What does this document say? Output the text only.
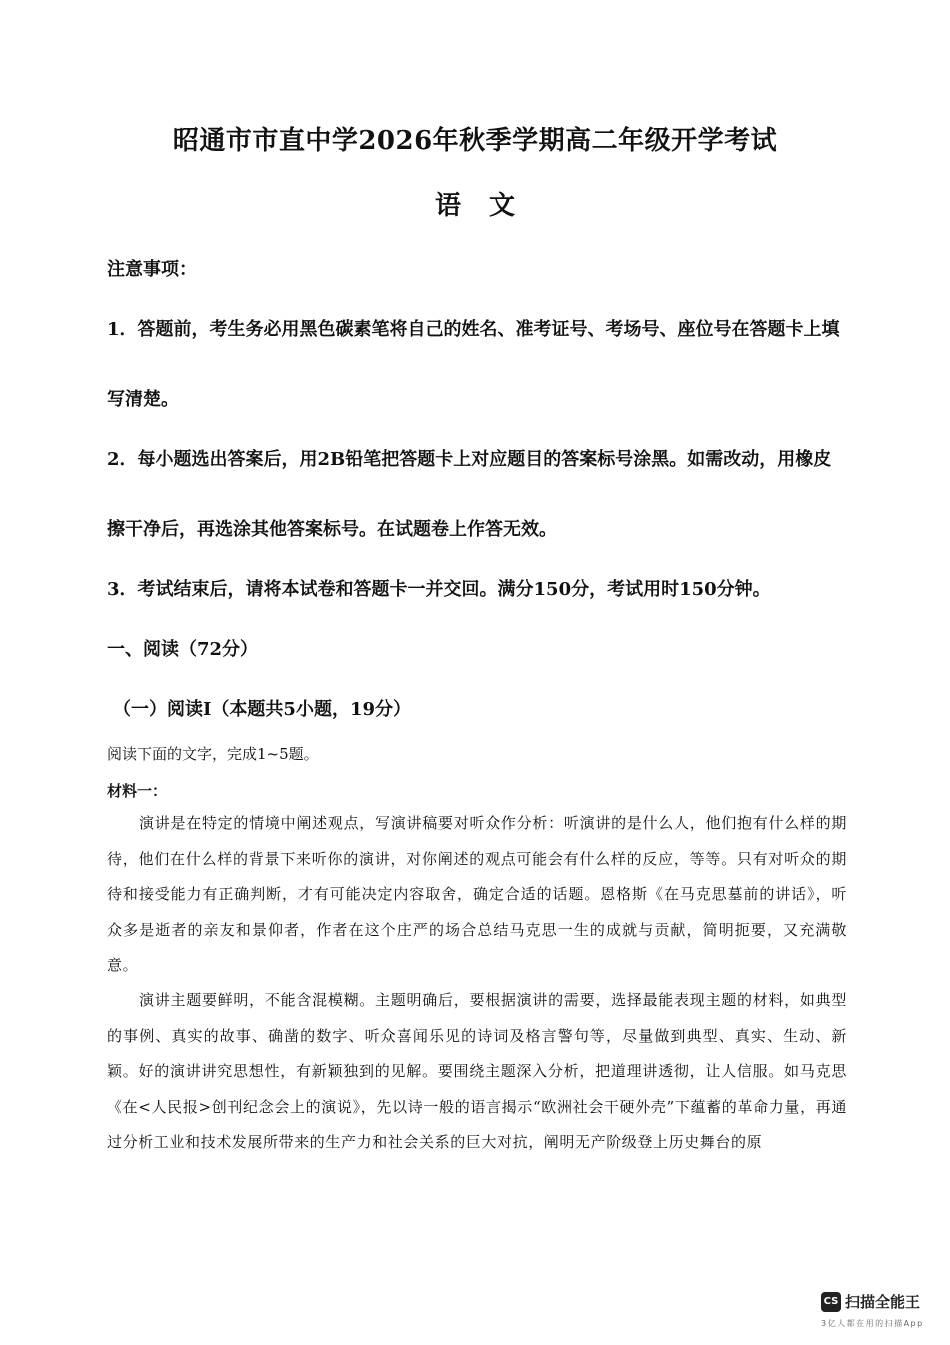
昭通市市直中学2026年秋季学期高二年级开学考试
语文
注意事项：
1．答题前，考生务必用黑色碳素笔将自己的姓名、准考证号、考场号、座位号在答题卡上填
写清楚。
2．每小题选出答案后，用2B铅笔把答题卡上对应题目的答案标号涂黑。如需改动，用橡皮
擦干净后，再选涂其他答案标号。在试题卷上作答无效。
3．考试结束后，请将本试卷和答题卡一并交回。满分150分，考试用时150分钟。
一、阅读（72分）
（一）阅读Ⅰ（本题共5小题，19分）
阅读下面的文字，完成1~5题。
材料一：
演讲是在特定的情境中阐述观点，写演讲稿要对听众作分析：听演讲的是什么人，他们抱有什么样的期待，他们在什么样的背景下来听你的演讲，对你阐述的观点可能会有什么样的反应，等等。只有对听众的期待和接受能力有正确判断，才有可能决定内容取舍，确定合适的话题。恩格斯《在马克思墓前的讲话》，听众多是逝者的亲友和景仰者，作者在这个庄严的场合总结马克思一生的成就与贡献，简明扼要，又充满敬意。
演讲主题要鲜明，不能含混模糊。主题明确后，要根据演讲的需要，选择最能表现主题的材料，如典型的事例、真实的故事、确凿的数字、听众喜闻乐见的诗词及格言警句等，尽量做到典型、真实、生动、新颖。好的演讲讲究思想性，有新颖独到的见解。要围绕主题深入分析，把道理讲透彻，让人信服。如马克思《在<人民报>创刊纪念会上的演说》，先以诗一般的语言揭示“欧洲社会干硬外壳”下蕴蓄的革命力量，再通过分析工业和技术发展所带来的生产力和社会关系的巨大对抗，阐明无产阶级登上历史舞台的原
CS 扫描全能王
3亿人都在用的扫描App
